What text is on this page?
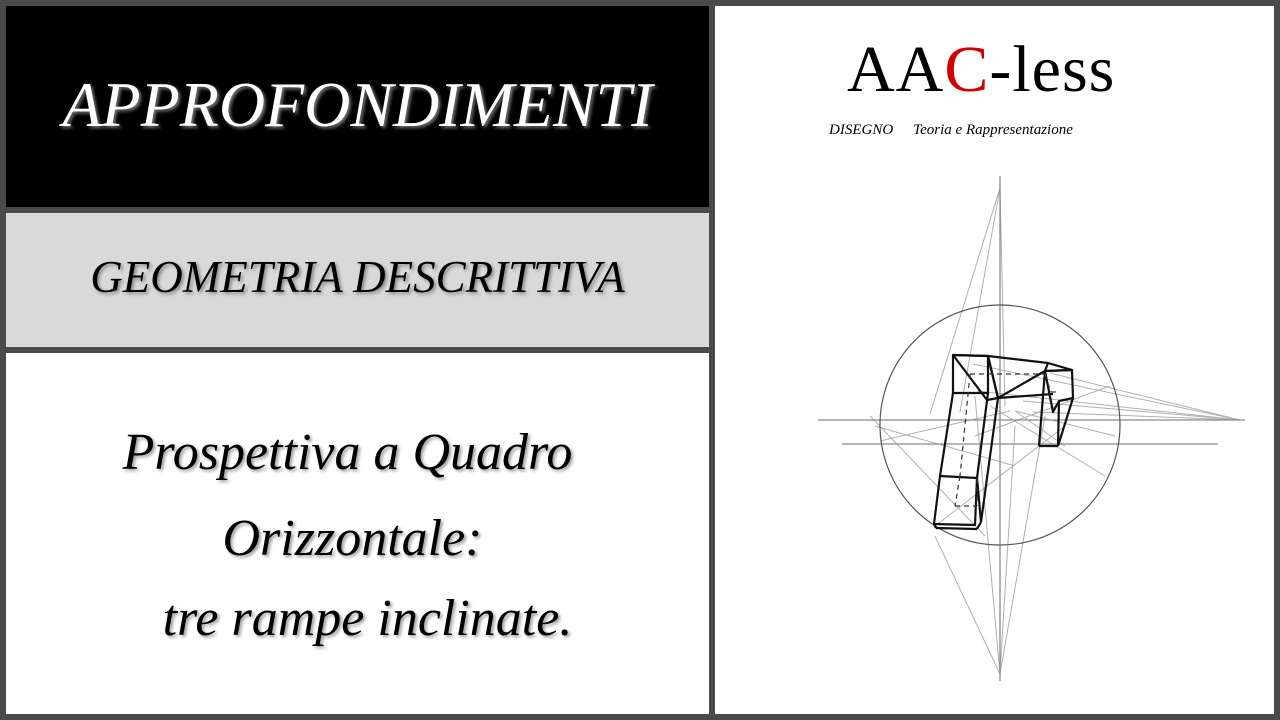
APPROFONDIMENTI
GEOMETRIA DESCRITTIVA
Prospettiva a Quadro
Orizzontale:
tre rampe inclinate.
AAC-less
DISEGNO Teoria e Rappresentazione
